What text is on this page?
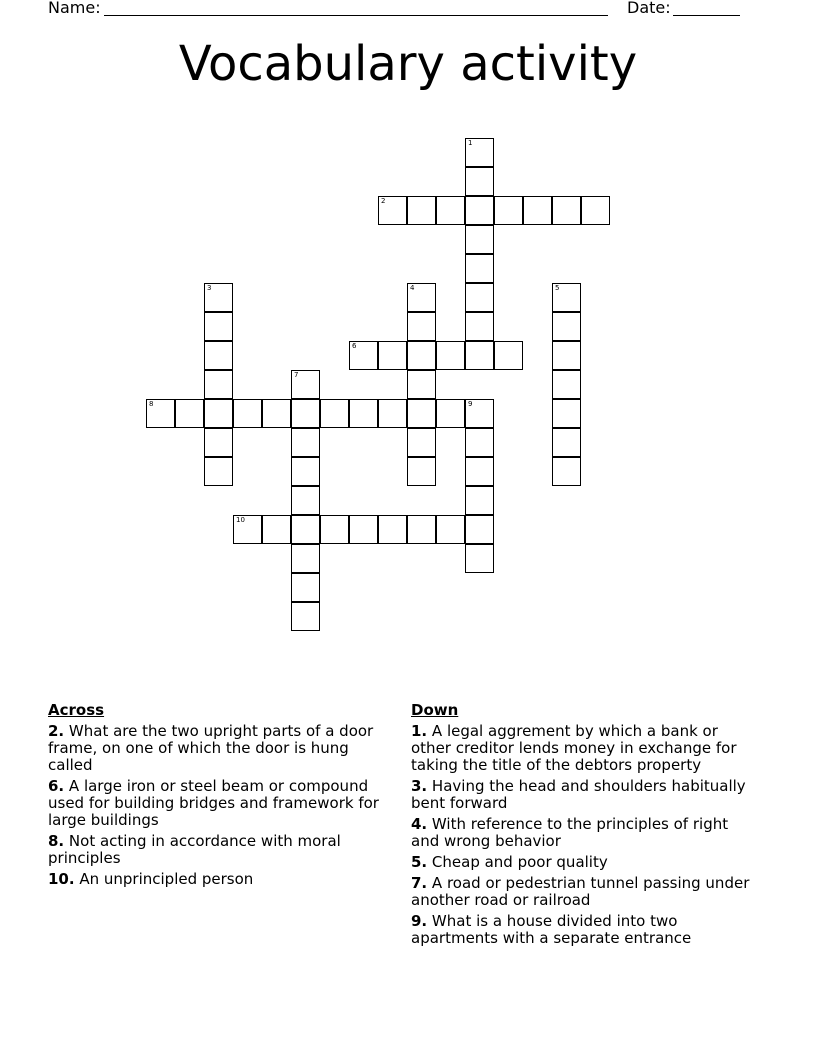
Name:	Date:
Vocabulary activity
1
2
3	4	5
6
7
8	9
10
Across
2. What are the two upright parts of a door frame, on one of which the door is hung called
6. A large iron or steel beam or compound used for building bridges and framework for large buildings
8. Not acting in accordance with moral principles
10. An unprincipled person
Down
1. A legal aggrement by which a bank or other creditor lends money in exchange for taking the title of the debtors property
3. Having the head and shoulders habitually bent forward
4. With reference to the principles of right and wrong behavior
5. Cheap and poor quality
7. A road or pedestrian tunnel passing under another road or railroad
9. What is a house divided into two apartments with a separate entrance
